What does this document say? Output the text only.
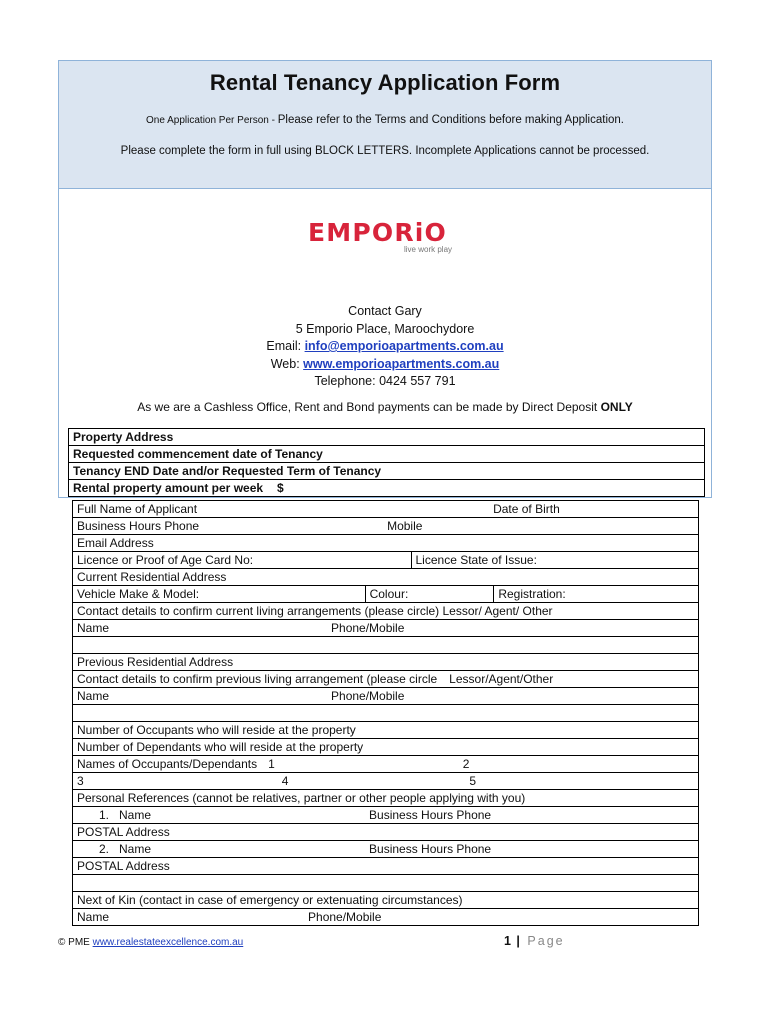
Rental Tenancy Application Form
One Application Per Person - Please refer to the Terms and Conditions before making Application.
Please complete the form in full using BLOCK LETTERS. Incomplete Applications cannot be processed.
EMPORiO
live work play
Contact Gary
5 Emporio Place, Maroochydore
Email: info@emporioapartments.com.au
Web: www.emporioapartments.com.au
Telephone: 0424 557 791
As we are a Cashless Office, Rent and Bond payments can be made by Direct Deposit ONLY
Property Address
Requested commencement date of Tenancy
Tenancy END Date and/or Requested Term of Tenancy
Rental property amount per week $
Full Name of Applicant Date of Birth			
Business Hours Phone Mobile			
Email Address			
Licence or Proof of Age Card No:		Licence State of Issue:	
Current Residential Address			
Vehicle Make & Model:	Colour:		Registration:
Contact details to confirm current living arrangements (please circle) Lessor/ Agent/ Other			
Name Phone/Mobile			

Previous Residential Address			
Contact details to confirm previous living arrangement (please circle Lessor/Agent/Other			
Name Phone/Mobile			

Number of Occupants who will reside at the property			
Number of Dependants who will reside at the property			
Names of Occupants/Dependants 1 2			
3 4 5			
Personal References (cannot be relatives, partner or other people applying with you)			
1. Name Business Hours Phone			
POSTAL Address			
2. Name Business Hours Phone			
POSTAL Address			

Next of Kin (contact in case of emergency or extenuating circumstances)			
Name Phone/Mobile			
© PME www.realestateexcellence.com.au	1 | Page
